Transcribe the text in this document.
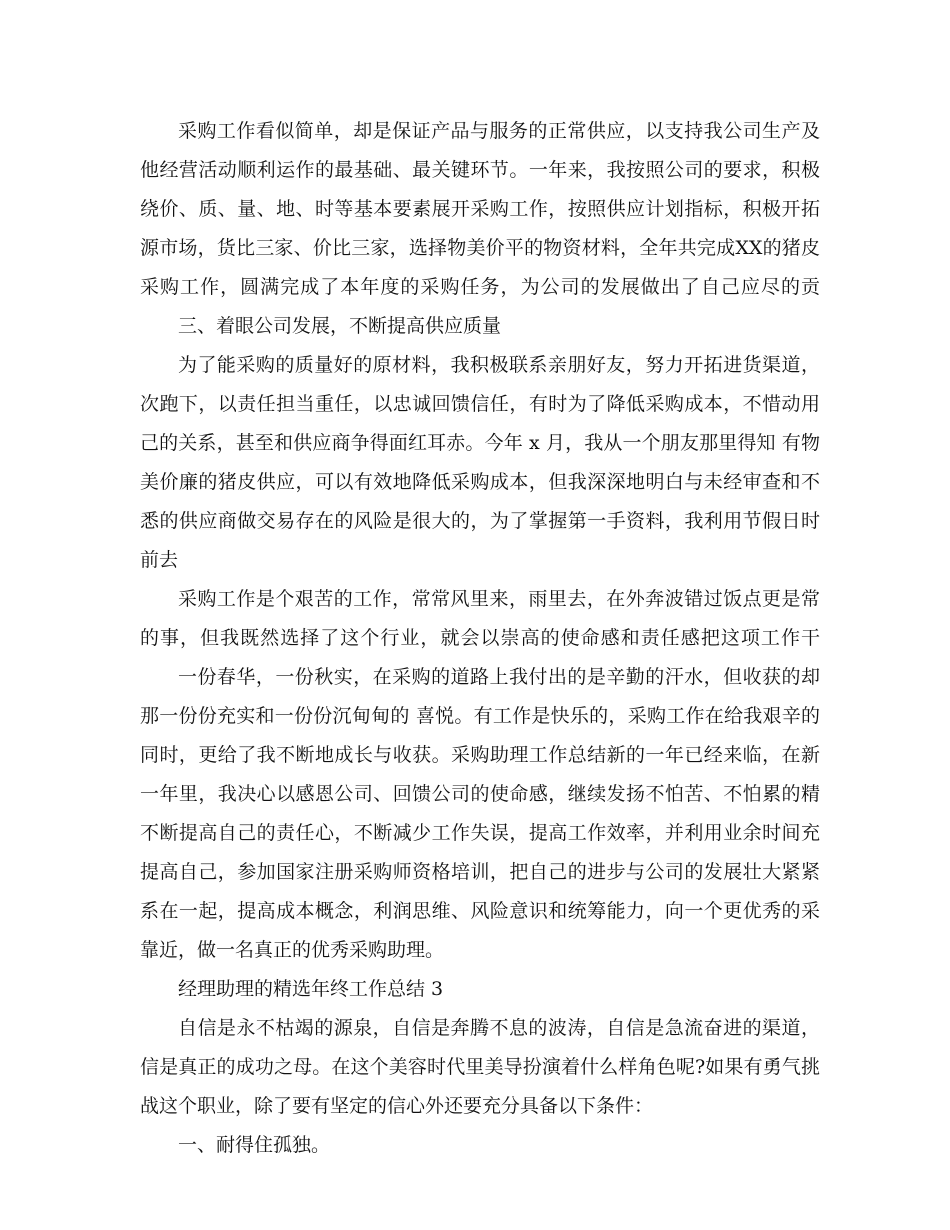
采购工作看似简单，却是保证产品与服务的正常供应，以支持我公司生产及
他经营活动顺利运作的最基础、最关键环节。一年来，我按照公司的要求，积极
绕价、质、量、地、时等基本要素展开采购工作，按照供应计划指标，积极开拓
源市场，货比三家、价比三家，选择物美价平的物资材料，全年共完成XX的猪皮
采购工作，圆满完成了本年度的采购任务，为公司的发展做出了自己应尽的贡
三、着眼公司发展，不断提高供应质量
为了能采购的质量好的原材料，我积极联系亲朋好友，努力开拓进货渠道，
次跑下，以责任担当重任，以忠诚回馈信任，有时为了降低采购成本，不惜动用
己的关系，甚至和供应商争得面红耳赤。今年 x 月，我从一个朋友那里得知 有物
美价廉的猪皮供应，可以有效地降低采购成本，但我深深地明白与未经审查和不
悉的供应商做交易存在的风险是很大的，为了掌握第一手资料，我利用节假日时
前去
采购工作是个艰苦的工作，常常风里来，雨里去，在外奔波错过饭点更是常
的事，但我既然选择了这个行业，就会以崇高的使命感和责任感把这项工作干
一份春华，一份秋实，在采购的道路上我付出的是辛勤的汗水，但收获的却
那一份份充实和一份份沉甸甸的 喜悦。有工作是快乐的，采购工作在给我艰辛的
同时，更给了我不断地成长与收获。采购助理工作总结新的一年已经来临，在新
一年里，我决心以感恩公司、回馈公司的使命感，继续发扬不怕苦、不怕累的精
不断提高自己的责任心，不断减少工作失误，提高工作效率，并利用业余时间充
提高自己，参加国家注册采购师资格培训，把自己的进步与公司的发展壮大紧紧
系在一起，提高成本概念，利润思维、风险意识和统筹能力，向一个更优秀的采
靠近，做一名真正的优秀采购助理。
经理助理的精选年终工作总结 3
自信是永不枯竭的源泉，自信是奔腾不息的波涛，自信是急流奋进的渠道，
信是真正的成功之母。在这个美容时代里美导扮演着什么样角色呢?如果有勇气挑
战这个职业，除了要有坚定的信心外还要充分具备以下条件：
一、耐得住孤独。
